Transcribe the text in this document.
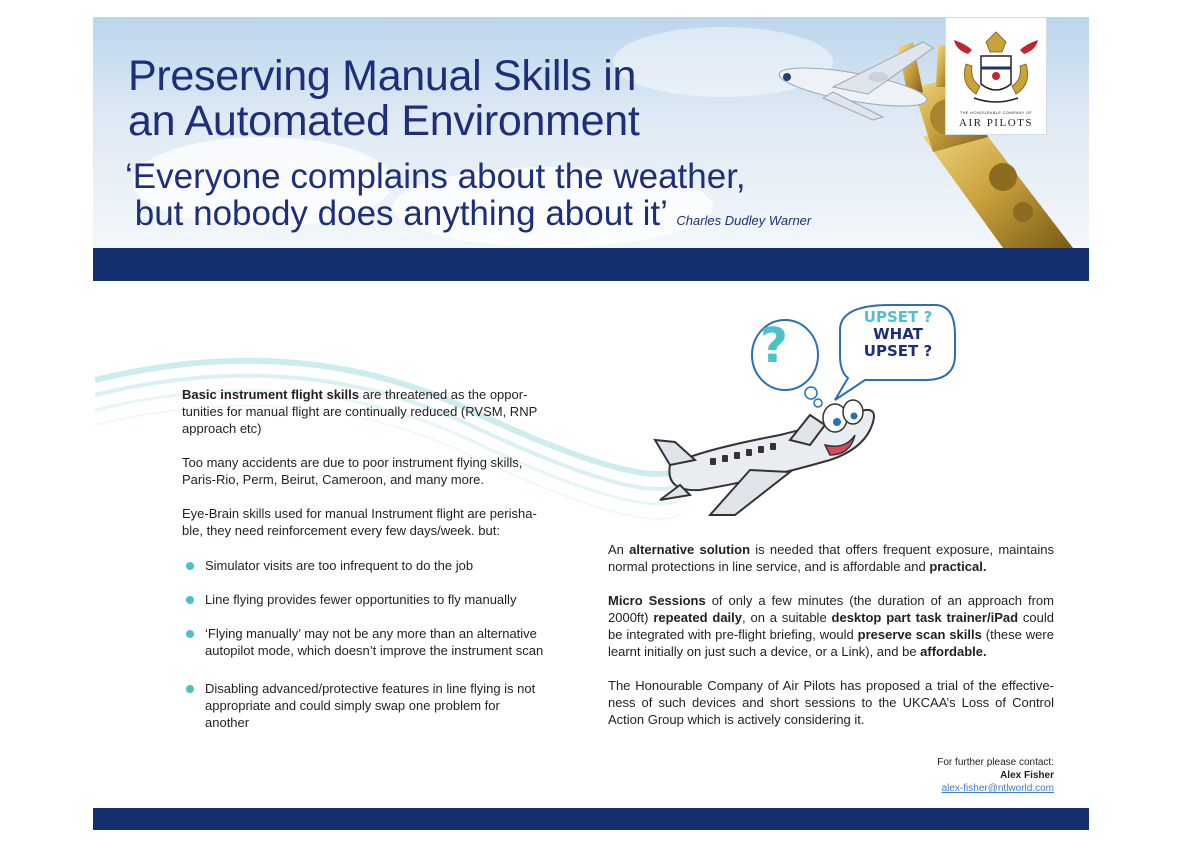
Preserving Manual Skills in
an Automated Environment
‘Everyone complains about the weather,
but nobody does anything about it’ Charles Dudley Warner
THE HONOURABLE COMPANY OF
AIR PILOTS
?
UPSET ?
WHAT
UPSET ?

Basic instrument flight skills are threatened as the opportunities for manual flight are continually reduced (RVSM, RNP approach etc)

Too many accidents are due to poor instrument flying skills, Paris-Rio, Perm, Beirut, Cameroon, and many more.

Eye-Brain skills used for manual Instrument flight are perishable, they need reinforcement every few days/week. but:

Simulator visits are too infrequent to do the job
Line flying provides fewer opportunities to fly manually
‘Flying manually’ may not be any more than an alternative autopilot mode, which doesn’t improve the instrument scan
Disabling advanced/protective features in line flying is not appropriate and could simply swap one problem for another

An alternative solution is needed that offers frequent exposure, maintains normal protections in line service, and is affordable and practical.

Micro Sessions of only a few minutes (the duration of an approach from 2000ft) repeated daily, on a suitable desktop part task trainer/iPad could be integrated with pre-flight briefing, would preserve scan skills (these were learnt initially on just such a device, or a Link), and be affordable.

The Honourable Company of Air Pilots has proposed a trial of the effectiveness of such devices and short sessions to the UKCAA’s Loss of Control Action Group which is actively considering it.

For further please contact:
Alex Fisher
alex-fisher@ntlworld.com
